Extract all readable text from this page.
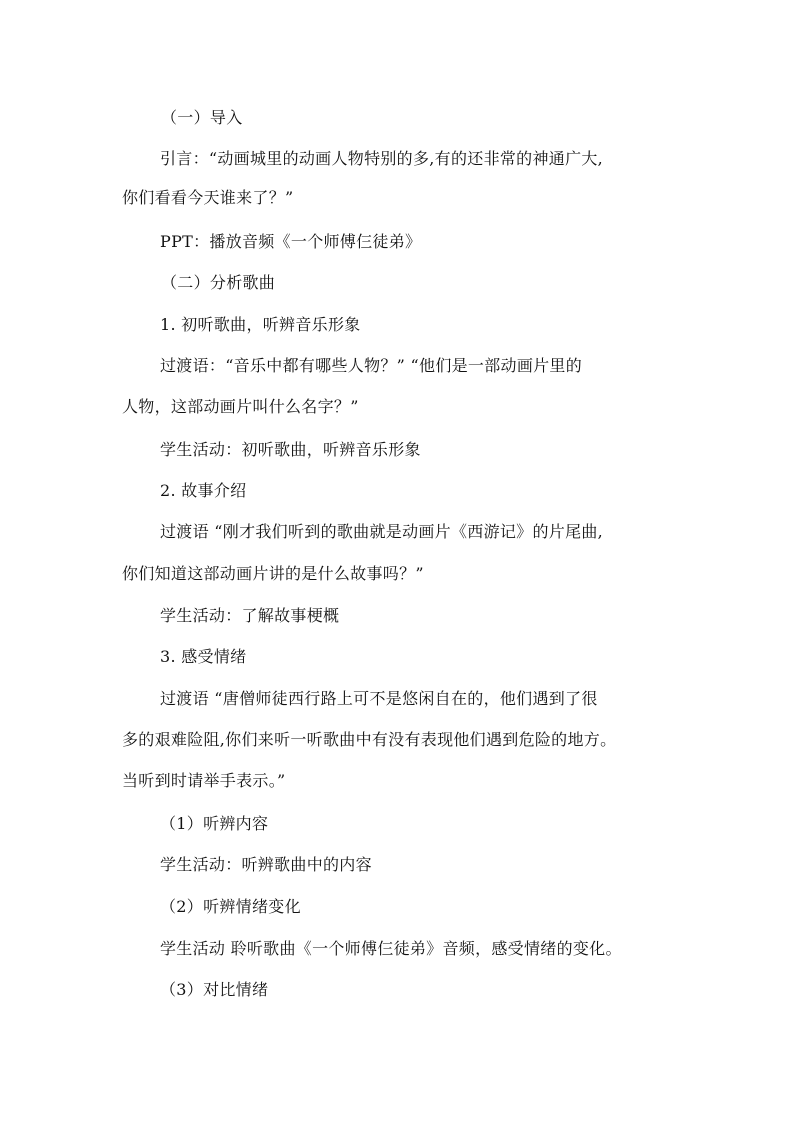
（一）导入
引言：“动画城里的动画人物特别的多,有的还非常的神通广大,
你们看看今天谁来了？”
PPT：播放音频《一个师傅仨徒弟》
（二）分析歌曲
1. 初听歌曲，听辨音乐形象
过渡语：“音乐中都有哪些人物？” “他们是一部动画片里的
人物，这部动画片叫什么名字？”
学生活动：初听歌曲，听辨音乐形象
2. 故事介绍
过渡语 “刚才我们听到的歌曲就是动画片《西游记》的片尾曲,
你们知道这部动画片讲的是什么故事吗？”
学生活动：了解故事梗概
3. 感受情绪
过渡语 “唐僧师徒西行路上可不是悠闲自在的，他们遇到了很
多的艰难险阻,你们来听一听歌曲中有没有表现他们遇到危险的地方。
当听到时请举手表示。”
（1）听辨内容
学生活动：听辨歌曲中的内容
（2）听辨情绪变化
学生活动 聆听歌曲《一个师傅仨徒弟》音频，感受情绪的变化。
（3）对比情绪
